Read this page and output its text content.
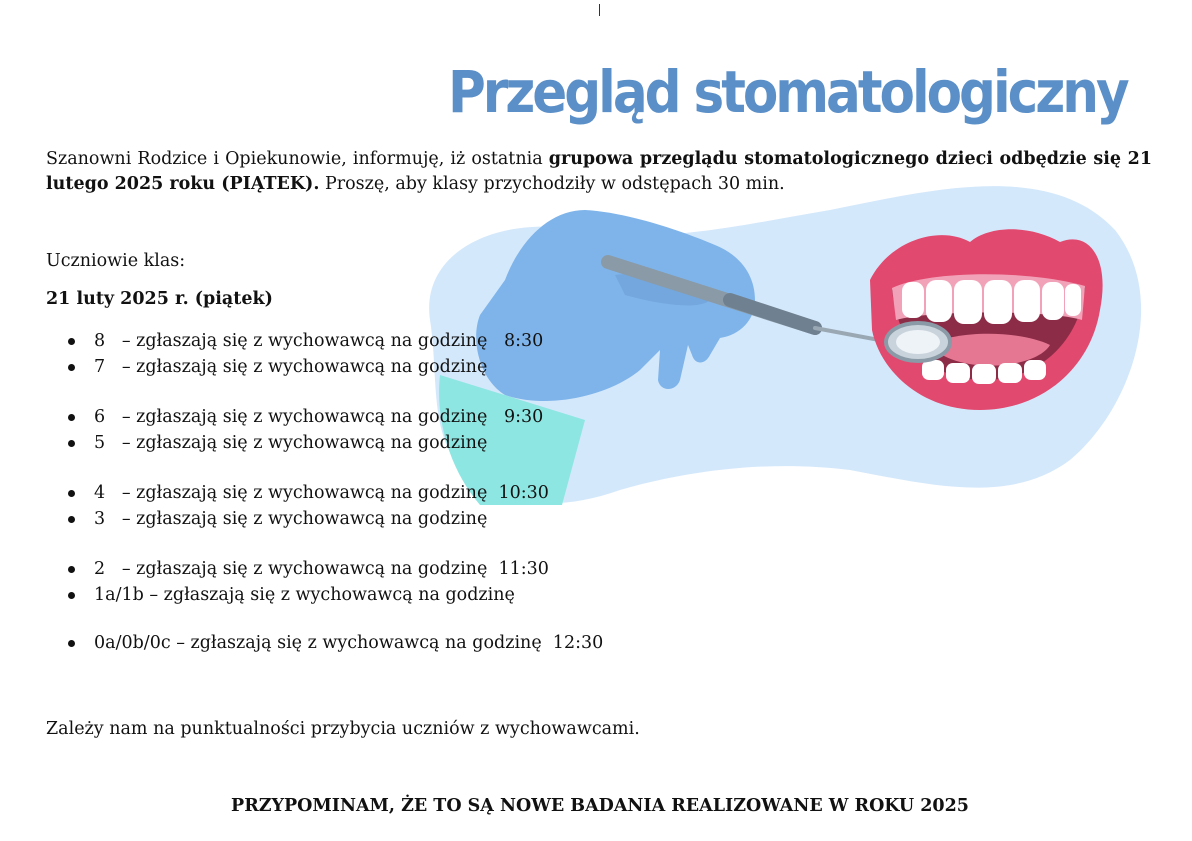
Przegląd stomatologiczny

Szanowni Rodzice i Opiekunowie, informuję, iż ostatnia grupowa przeglądu stomatologicznego dzieci odbędzie się 21 lutego 2025 roku (PIĄTEK). Proszę, aby klasy przychodziły w odstępach 30 min.

Uczniowie klas:

21 luty 2025 r. (piątek)

8   – zgłaszają się z wychowawcą na godzinę   8:30
7   – zgłaszają się z wychowawcą na godzinę
6   – zgłaszają się z wychowawcą na godzinę   9:30
5   – zgłaszają się z wychowawcą na godzinę
4   – zgłaszają się z wychowawcą na godzinę  10:30
3   – zgłaszają się z wychowawcą na godzinę
2   – zgłaszają się z wychowawcą na godzinę  11:30
1a/1b – zgłaszają się z wychowawcą na godzinę
0a/0b/0c – zgłaszają się z wychowawcą na godzinę  12:30

Zależy nam na punktualności przybycia uczniów z wychowawcami.

PRZYPOMINAM, ŻE TO SĄ NOWE BADANIA REALIZOWANE W ROKU 2025
